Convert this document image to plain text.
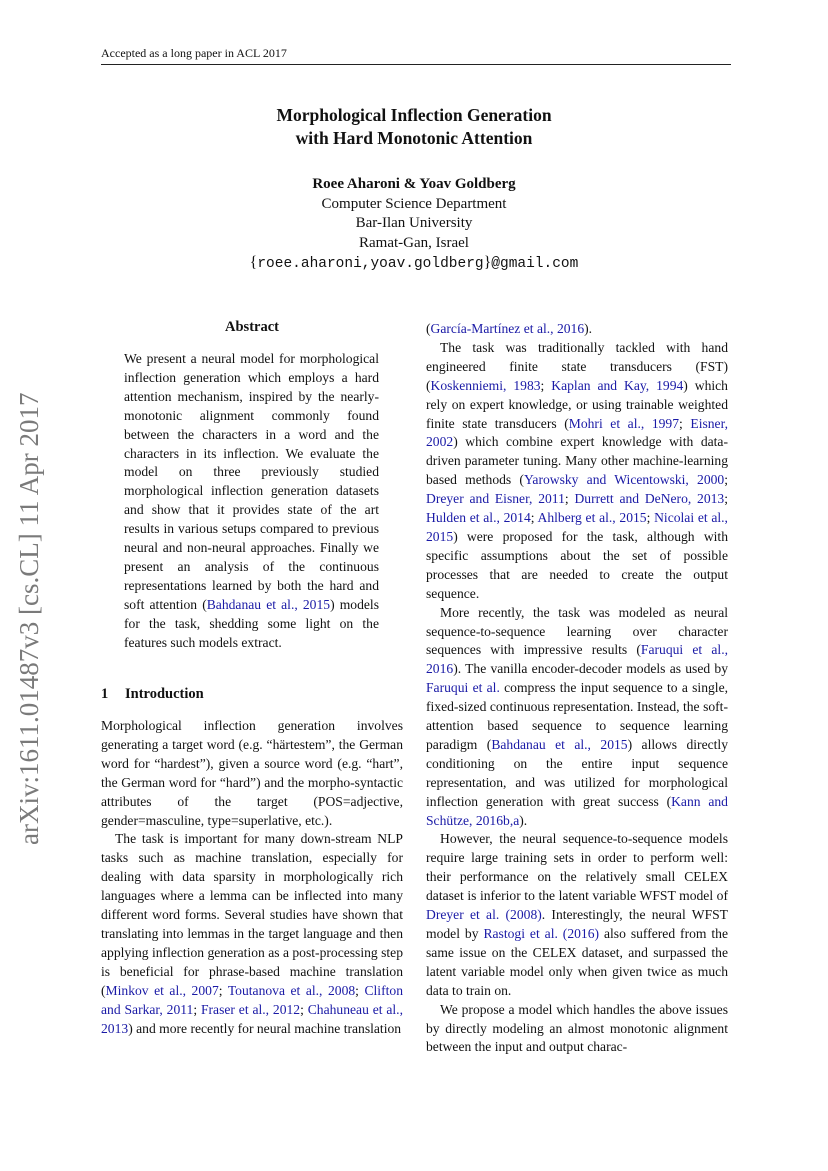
Accepted as a long paper in ACL 2017
Morphological Inflection Generation
with Hard Monotonic Attention
Roee Aharoni & Yoav Goldberg
Computer Science Department
Bar-Ilan University
Ramat-Gan, Israel
{roee.aharoni,yoav.goldberg}@gmail.com
arXiv:1611.01487v3 [cs.CL] 11 Apr 2017
Abstract
We present a neural model for morphological inflection generation which employs a hard attention mechanism, inspired by the nearly-monotonic alignment commonly found between the characters in a word and the characters in its inflection. We evaluate the model on three previously studied morphological inflection generation datasets and show that it provides state of the art results in various setups compared to previous neural and non-neural approaches. Finally we present an analysis of the continuous representations learned by both the hard and soft attention (Bahdanau et al., 2015) models for the task, shedding some light on the features such models extract.
1 Introduction

Morphological inflection generation involves generating a target word (e.g. “härtestem”, the German word for “hardest”), given a source word (e.g. “hart”, the German word for “hard”) and the morpho-syntactic attributes of the target (POS=adjective, gender=masculine, type=superlative, etc.).

The task is important for many down-stream NLP tasks such as machine translation, especially for dealing with data sparsity in morphologically rich languages where a lemma can be inflected into many different word forms. Several studies have shown that translating into lemmas in the target language and then applying inflection generation as a post-processing step is beneficial for phrase-based machine translation (Minkov et al., 2007; Toutanova et al., 2008; Clifton and Sarkar, 2011; Fraser et al., 2012; Chahuneau et al., 2013) and more recently for neural machine translation

(García-Martínez et al., 2016).

The task was traditionally tackled with hand engineered finite state transducers (FST) (Koskenniemi, 1983; Kaplan and Kay, 1994) which rely on expert knowledge, or using trainable weighted finite state transducers (Mohri et al., 1997; Eisner, 2002) which combine expert knowledge with data-driven parameter tuning. Many other machine-learning based methods (Yarowsky and Wicentowski, 2000; Dreyer and Eisner, 2011; Durrett and DeNero, 2013; Hulden et al., 2014; Ahlberg et al., 2015; Nicolai et al., 2015) were proposed for the task, although with specific assumptions about the set of possible processes that are needed to create the output sequence.

More recently, the task was modeled as neural sequence-to-sequence learning over character sequences with impressive results (Faruqui et al., 2016). The vanilla encoder-decoder models as used by Faruqui et al. compress the input sequence to a single, fixed-sized continuous representation. Instead, the soft-attention based sequence to sequence learning paradigm (Bahdanau et al., 2015) allows directly conditioning on the entire input sequence representation, and was utilized for morphological inflection generation with great success (Kann and Schütze, 2016b,a).

However, the neural sequence-to-sequence models require large training sets in order to perform well: their performance on the relatively small CELEX dataset is inferior to the latent variable WFST model of Dreyer et al. (2008). Interestingly, the neural WFST model by Rastogi et al. (2016) also suffered from the same issue on the CELEX dataset, and surpassed the latent variable model only when given twice as much data to train on.

We propose a model which handles the above issues by directly modeling an almost monotonic alignment between the input and output charac-
